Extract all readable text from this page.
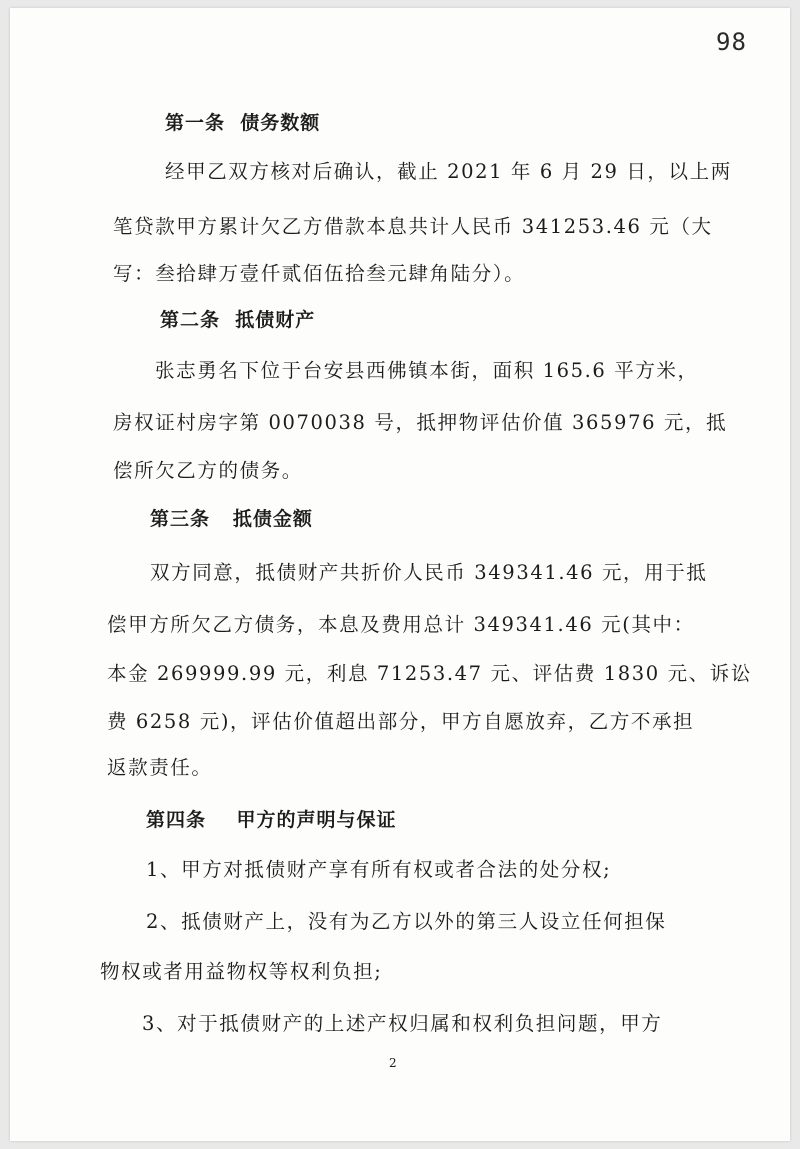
98
第一条  债务数额
经甲乙双方核对后确认，截止 2021 年 6 月 29 日，以上两
笔贷款甲方累计欠乙方借款本息共计人民币 341253.46 元（大
写：叁拾肆万壹仟贰佰伍拾叁元肆角陆分）。
第二条  抵债财产
张志勇名下位于台安县西佛镇本街，面积 165.6 平方米，
房权证村房字第 0070038 号，抵押物评估价值 365976 元，抵
偿所欠乙方的债务。
第三条   抵债金额
双方同意，抵债财产共折价人民币 349341.46 元，用于抵
偿甲方所欠乙方债务，本息及费用总计 349341.46 元(其中：
本金 269999.99 元，利息 71253.47 元、评估费 1830 元、诉讼
费 6258 元)，评估价值超出部分，甲方自愿放弃，乙方不承担
返款责任。
第四条    甲方的声明与保证
1、甲方对抵债财产享有所有权或者合法的处分权;
2、抵债财产上，没有为乙方以外的第三人设立任何担保
物权或者用益物权等权利负担;
3、对于抵债财产的上述产权归属和权利负担问题，甲方
2
